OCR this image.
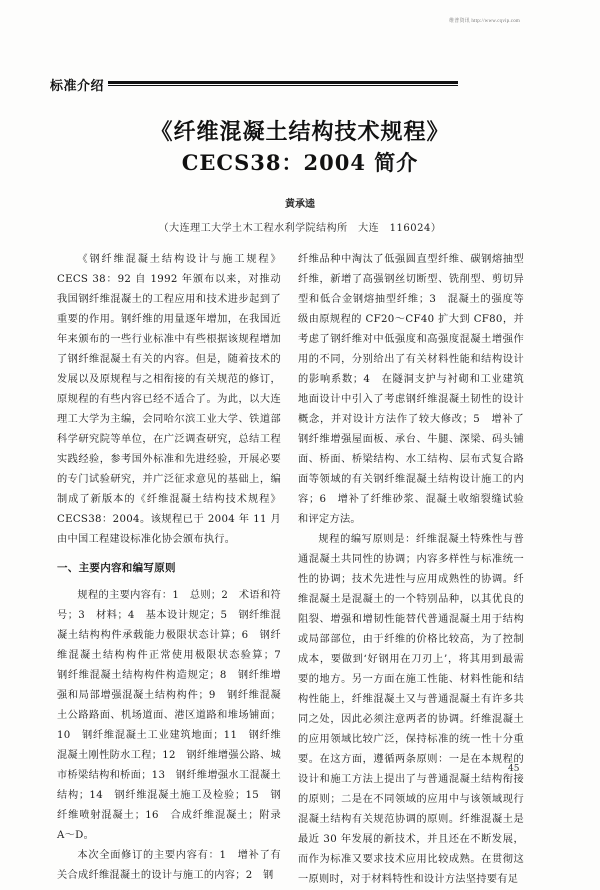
维普资讯 http://www.cqvip.com
标准介绍
《纤维混凝土结构技术规程》
CECS38：2004 简介
黄承逵
（大连理工大学土木工程水利学院结构所　大连　116024）

《钢纤维混凝土结构设计与施工规程》CECS 38：92 自 1992 年颁布以来，对推动我国钢纤维混凝土的工程应用和技术进步起到了重要的作用。钢纤维的用量逐年增加，在我国近年来颁布的一些行业标准中有些根据该规程增加了钢纤维混凝土有关的内容。但是，随着技术的发展以及原规程与之相衔接的有关规范的修订，原规程的有些内容已经不适合了。为此，以大连理工大学为主编，会同哈尔滨工业大学、铁道部科学研究院等单位，在广泛调查研究，总结工程实践经验，参考国外标准和先进经验，开展必要的专门试验研究，并广泛征求意见的基础上，编制成了新版本的《纤维混凝土结构技术规程》CECS38：2004。该规程已于 2004 年 11 月由中国工程建设标准化协会颁布执行。

一、主要内容和编写原则

规程的主要内容有：1　总则；2　术语和符号；3　材料；4　基本设计规定；5　钢纤维混凝土结构构件承载能力极限状态计算；6　钢纤维混凝土结构构件正常使用极限状态验算；7　钢纤维混凝土结构构件构造规定；8　钢纤维增强和局部增强混凝土结构构件；9　钢纤维混凝土公路路面、机场道面、港区道路和堆场铺面；10　钢纤维混凝土工业建筑地面；11　钢纤维混凝土刚性防水工程；12　钢纤维增强公路、城市桥梁结构和桥面；13　钢纤维增强水工混凝土结构；14　钢纤维混凝土施工及检验；15　钢纤维喷射混凝土；16　合成纤维混凝土；附录 A～D。

本次全面修订的主要内容有：1　增补了有关合成纤维混凝土的设计与施工的内容；2　钢

纤维品种中淘汰了低强圆直型纤维、碳钢熔抽型纤维，新增了高强钢丝切断型、铣削型、剪切异型和低合金钢熔抽型纤维；3　混凝土的强度等级由原规程的 CF20～CF40 扩大到 CF80，并考虑了钢纤维对中低强度和高强度混凝土增强作用的不同，分别给出了有关材料性能和结构设计的影响系数；4　在隧洞支护与衬砌和工业建筑地面设计中引入了考虑钢纤维混凝土韧性的设计概念，并对设计方法作了较大修改；5　增补了钢纤维增强屋面板、承台、牛腿、深梁、码头铺面、桥面、桥梁结构、水工结构、层布式复合路面等领域的有关钢纤维混凝土结构设计施工的内容；6　增补了纤维砂浆、混凝土收缩裂缝试验和评定方法。

规程的编写原则是：纤维混凝土特殊性与普通混凝土共同性的协调；内容多样性与标准统一性的协调；技术先进性与应用成熟性的协调。纤维混凝土是混凝土的一个特别品种，以其优良的阻裂、增强和增韧性能替代普通混凝土用于结构或局部部位，由于纤维的价格比较高，为了控制成本，要做到‘好钢用在刀刃上’，将其用到最需要的地方。另一方面在施工性能、材料性能和结构性能上，纤维混凝土又与普通混凝土有许多共同之处，因此必须注意两者的协调。纤维混凝土的应用领域比较广泛，保持标准的统一性十分重要。在这方面，遵循两条原则：一是在本规程的设计和施工方法上提出了与普通混凝土结构衔接的原则；二是在不同领域的应用中与该领域现行混凝土结构有关规范协调的原则。纤维混凝土是最近 30 年发展的新技术，并且还在不断发展，而作为标准又要求技术应用比较成熟。在贯彻这一原则时，对于材料特性和设计方法坚持要有足

45
